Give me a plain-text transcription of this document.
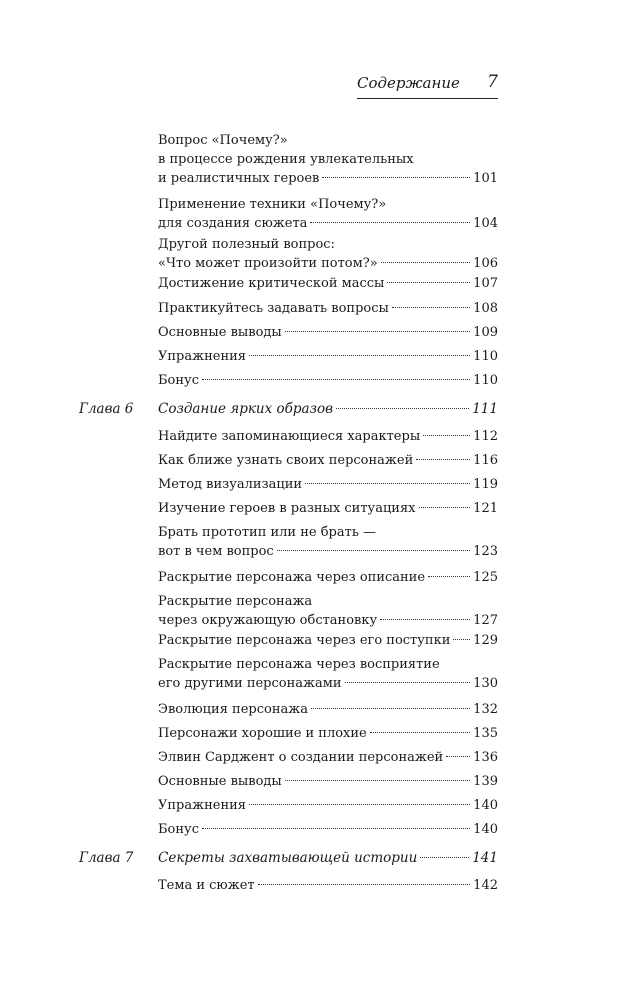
Содержание 7
Вопрос «Почему?»
в процессе рождения увлекательных
и реалистичных героев	101
Применение техники «Почему?»
для создания сюжета	104
Другой полезный вопрос:
«Что может произойти потом?»	106
Достижение критической массы	107
Практикуйтесь задавать вопросы	108
Основные выводы	109
Упражнения	110
Бонус	110
Глава 6 Создание ярких образов	111
Найдите запоминающиеся характеры	112
Как ближе узнать своих персонажей	116
Метод визуализации	119
Изучение героев в разных ситуациях	121
Брать прототип или не брать —
вот в чем вопрос	123
Раскрытие персонажа через описание	125
Раскрытие персонажа
через окружающую обстановку	127
Раскрытие персонажа через его поступки 129
Раскрытие персонажа через восприятие
его другими персонажами	130
Эволюция персонажа	132
Персонажи хорошие и плохие	135
Элвин Сарджент о создании персонажей 136
Основные выводы	139
Упражнения	140
Бонус	140
Глава 7 Секреты захватывающей истории	141
Тема и сюжет	142
